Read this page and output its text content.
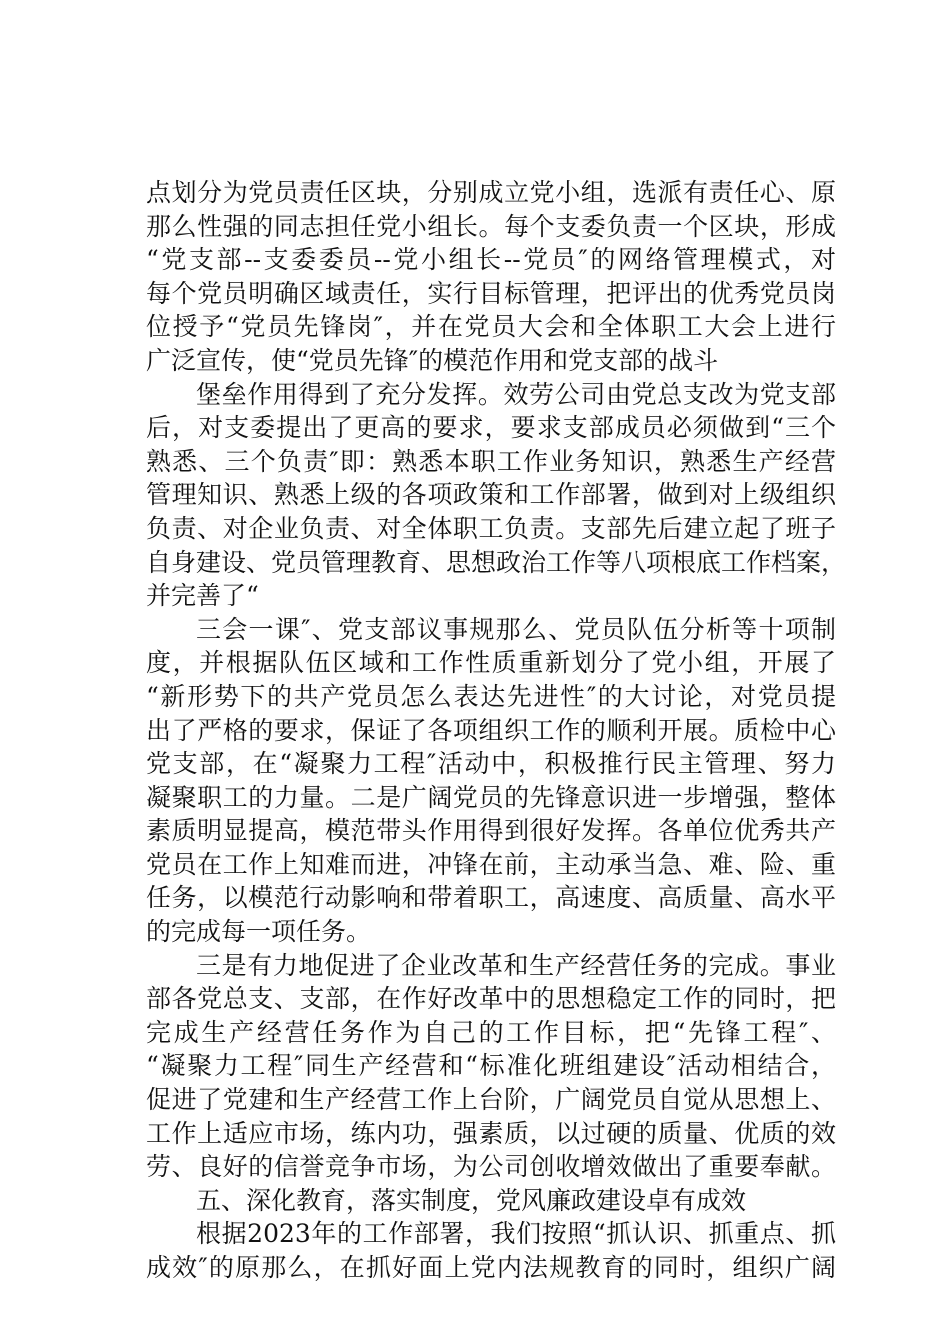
点划分为党员责任区块，分别成立党小组，选派有责任心、原
那么性强的同志担任党小组长。每个支委负责一个区块，形成
“党支部--支委委员--党小组长--党员″的网络管理模式，对
每个党员明确区域责任，实行目标管理，把评出的优秀党员岗
位授予“党员先锋岗″，并在党员大会和全体职工大会上进行
广泛宣传，使“党员先锋″的模范作用和党支部的战斗
堡垒作用得到了充分发挥。效劳公司由党总支改为党支部
后，对支委提出了更高的要求，要求支部成员必须做到“三个
熟悉、三个负责″即：熟悉本职工作业务知识，熟悉生产经营
管理知识、熟悉上级的各项政策和工作部署，做到对上级组织
负责、对企业负责、对全体职工负责。支部先后建立起了班子
自身建设、党员管理教育、思想政治工作等八项根底工作档案，
并完善了“
三会一课″、党支部议事规那么、党员队伍分析等十项制
度，并根据队伍区域和工作性质重新划分了党小组，开展了
“新形势下的共产党员怎么表达先进性″的大讨论，对党员提
出了严格的要求，保证了各项组织工作的顺利开展。质检中心
党支部，在“凝聚力工程″活动中，积极推行民主管理、努力
凝聚职工的力量。二是广阔党员的先锋意识进一步增强，整体
素质明显提高，模范带头作用得到很好发挥。各单位优秀共产
党员在工作上知难而进，冲锋在前，主动承当急、难、险、重
任务，以模范行动影响和带着职工，高速度、高质量、高水平
的完成每一项任务。
三是有力地促进了企业改革和生产经营任务的完成。事业
部各党总支、支部，在作好改革中的思想稳定工作的同时，把
完成生产经营任务作为自己的工作目标，把“先锋工程″、
“凝聚力工程″同生产经营和“标准化班组建设″活动相结合，
促进了党建和生产经营工作上台阶，广阔党员自觉从思想上、
工作上适应市场，练内功，强素质，以过硬的质量、优质的效
劳、良好的信誉竞争市场，为公司创收增效做出了重要奉献。
五、深化教育，落实制度，党风廉政建设卓有成效
根据2023年的工作部署，我们按照“抓认识、抓重点、抓
成效″的原那么，在抓好面上党内法规教育的同时，组织广阔
